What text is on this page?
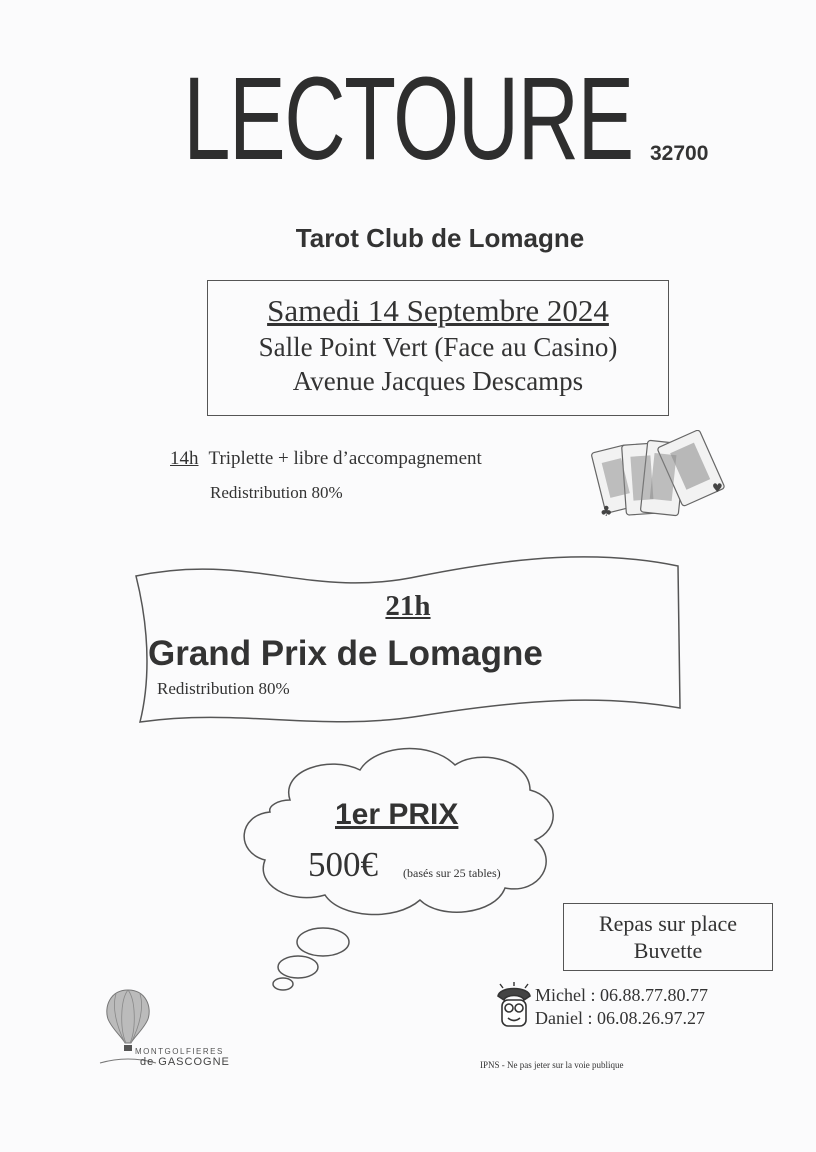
LECTOURE 32700
Tarot Club de Lomagne
Samedi 14 Septembre 2024
Salle Point Vert (Face au Casino)
Avenue Jacques Descamps
14h Triplette + libre d’accompagnement
Redistribution 80%
♣
♥
21h
Grand Prix de Lomagne
Redistribution 80%
1er PRIX
500€ (basés sur 25 tables)
Repas sur place
Buvette
Michel : 06.88.77.80.77
Daniel : 06.08.26.97.27
IPNS - Ne pas jeter sur la voie publique
MONTGOLFIERES
de GASCOGNE
